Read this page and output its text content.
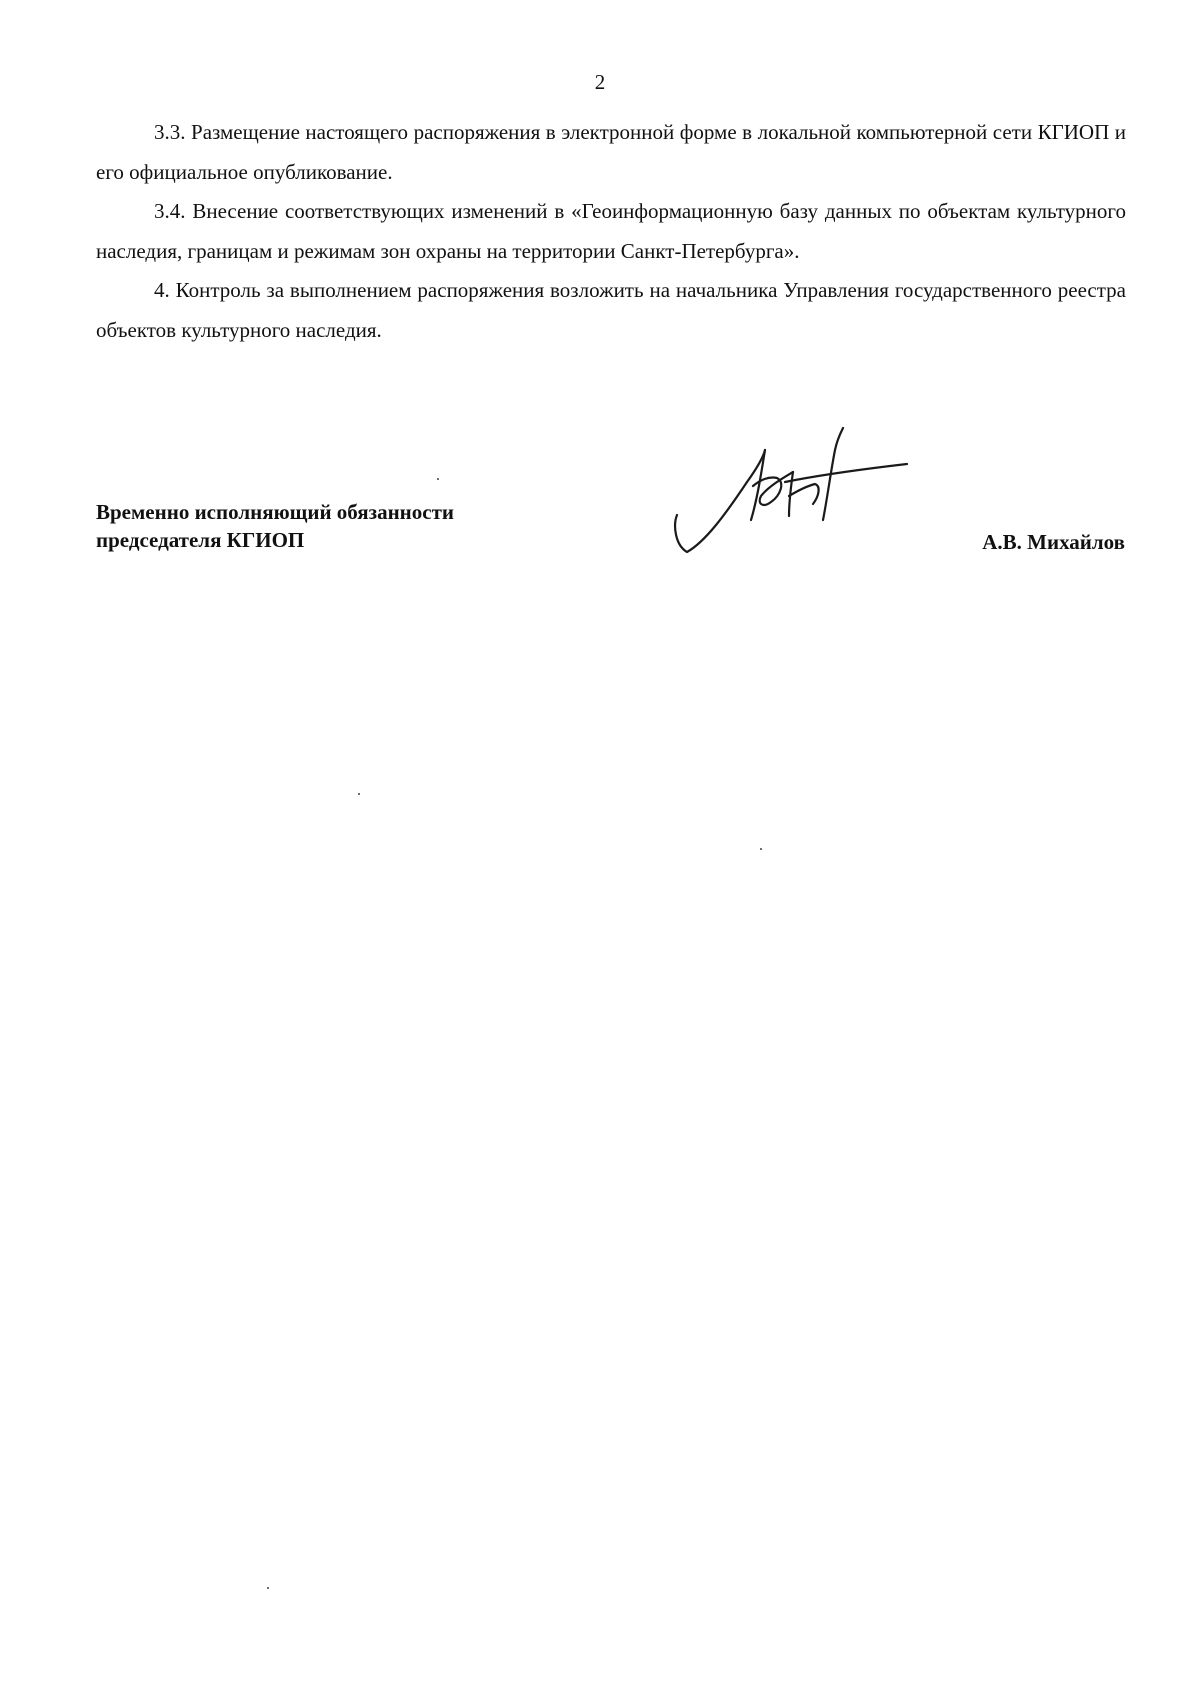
2

3.3. Размещение настоящего распоряжения в электронной форме в локальной компьютерной сети КГИОП и его официальное опубликование.

3.4. Внесение соответствующих изменений в «Геоинформационную базу данных по объектам культурного наследия, границам и режимам зон охраны на территории Санкт-Петербурга».

4. Контроль за выполнением распоряжения возложить на начальника Управления государственного реестра объектов культурного наследия.

Временно исполняющий обязанности
председателя КГИОП	А.В. Михайлов
